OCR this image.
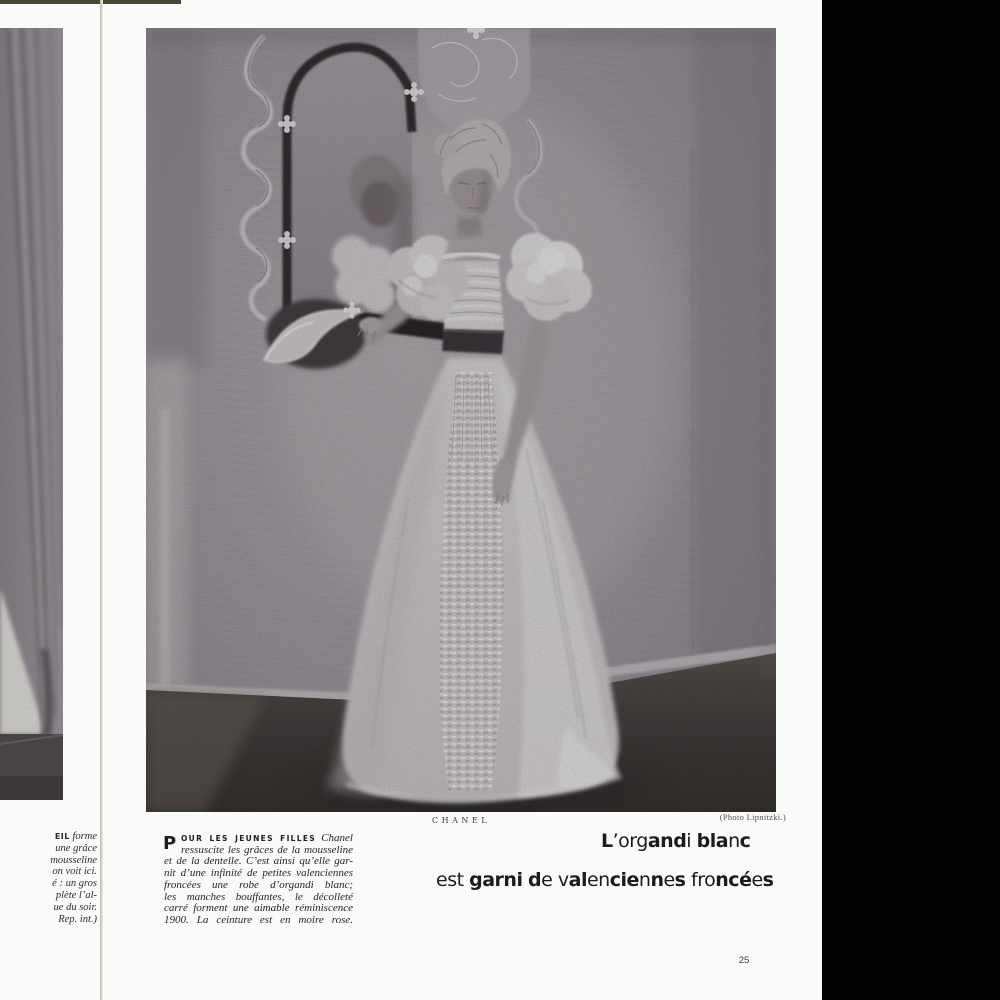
EIL forme
une grâce
mousseline
on voit ici.
é : un gros
plète l’al-
ue du soir.
Rep. int.)
CHANEL	(Photo Lipnitzki.)
P OUR LES JEUNES FILLES Chanel
ressuscite les grâces de la mousseline
et de la dentelle. C’est ainsi qu’elle gar-
nit d’une infinité de petites valenciennes
froncées une robe d’organdi blanc;
les manches bouffantes, le décolleté
carré forment une aimable réminiscence
1900. La ceinture est en moire rose.
L’organdi blanc
est garni de valenciennes froncées
25
